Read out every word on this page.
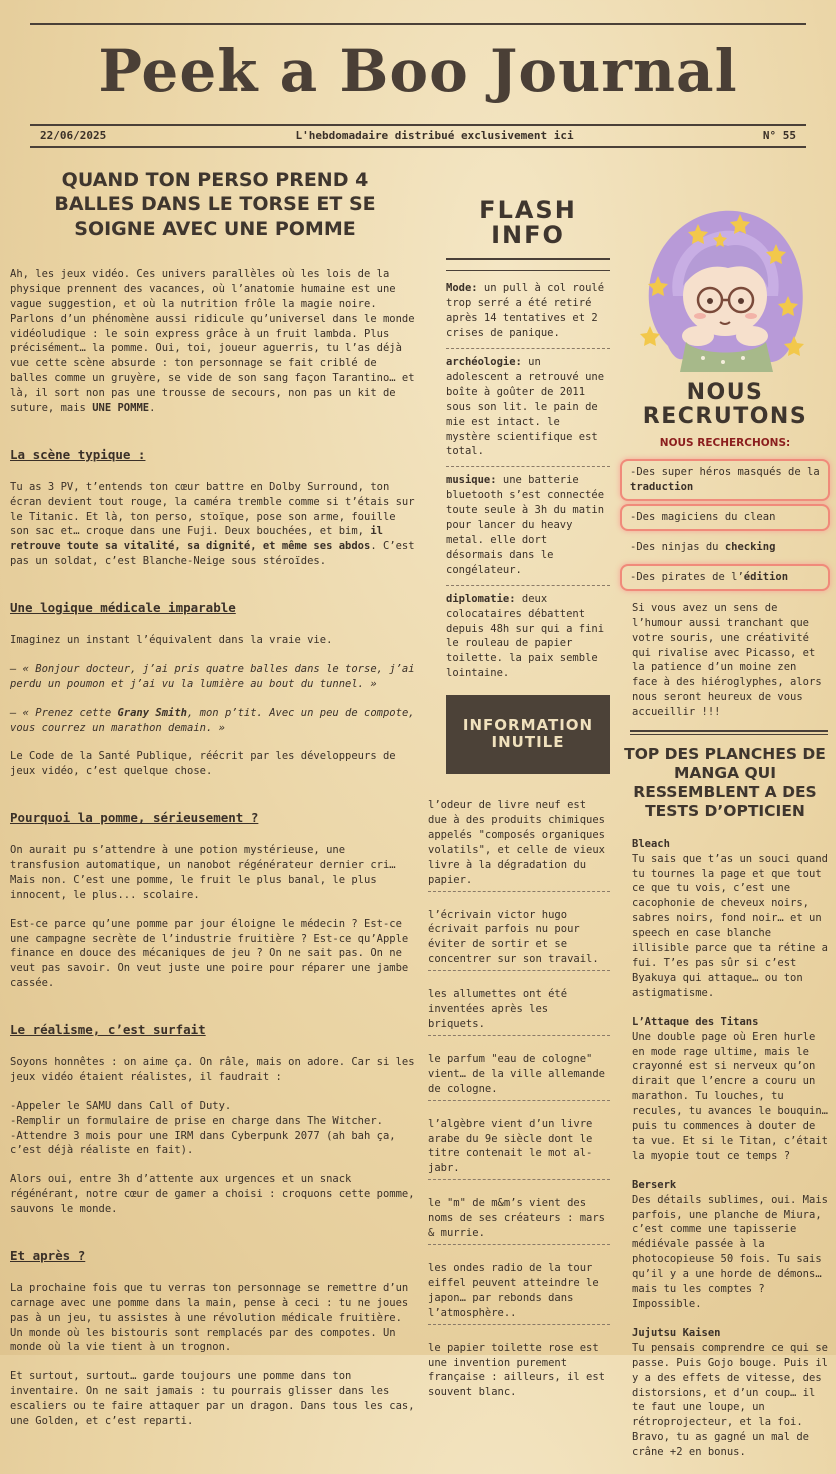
Peek a Boo Journal
22/06/2025	L'hebdomadaire distribué exclusivement ici	N° 55
QUAND TON PERSO PREND 4 BALLES DANS LE TORSE ET SE SOIGNE AVEC UNE POMME

Ah, les jeux vidéo. Ces univers parallèles où les lois de la physique prennent des vacances, où l’anatomie humaine est une vague suggestion, et où la nutrition frôle la magie noire. Parlons d’un phénomène aussi ridicule qu’universel dans le monde vidéoludique : le soin express grâce à un fruit lambda. Plus précisément… la pomme. Oui, toi, joueur aguerris, tu l’as déjà vue cette scène absurde : ton personnage se fait criblé de balles comme un gruyère, se vide de son sang façon Tarantino… et là, il sort non pas une trousse de secours, non pas un kit de suture, mais UNE POMME.

La scène typique :

Tu as 3 PV, t’entends ton cœur battre en Dolby Surround, ton écran devient tout rouge, la caméra tremble comme si t’étais sur le Titanic. Et là, ton perso, stoïque, pose son arme, fouille son sac et… croque dans une Fuji. Deux bouchées, et bim, il retrouve toute sa vitalité, sa dignité, et même ses abdos. C’est pas un soldat, c’est Blanche-Neige sous stéroïdes.

Une logique médicale imparable

Imaginez un instant l’équivalent dans la vraie vie.

— « Bonjour docteur, j’ai pris quatre balles dans le torse, j’ai perdu un poumon et j’ai vu la lumière au bout du tunnel. »

— « Prenez cette Grany Smith, mon p’tit. Avec un peu de compote, vous courrez un marathon demain. »

Le Code de la Santé Publique, réécrit par les développeurs de jeux vidéo, c’est quelque chose.

Pourquoi la pomme, sérieusement ?

On aurait pu s’attendre à une potion mystérieuse, une transfusion automatique, un nanobot régénérateur dernier cri… Mais non. C’est une pomme, le fruit le plus banal, le plus innocent, le plus... scolaire.

Est-ce parce qu’une pomme par jour éloigne le médecin ? Est-ce une campagne secrète de l’industrie fruitière ? Est-ce qu’Apple finance en douce des mécaniques de jeu ? On ne sait pas. On ne veut pas savoir. On veut juste une poire pour réparer une jambe cassée.

Le réalisme, c’est surfait

Soyons honnêtes : on aime ça. On râle, mais on adore. Car si les jeux vidéo étaient réalistes, il faudrait :

-Appeler le SAMU dans Call of Duty.
-Remplir un formulaire de prise en charge dans The Witcher.
-Attendre 3 mois pour une IRM dans Cyberpunk 2077 (ah bah ça, c’est déjà réaliste en fait).

Alors oui, entre 3h d’attente aux urgences et un snack régénérant, notre cœur de gamer a choisi : croquons cette pomme, sauvons le monde.

Et après ?

La prochaine fois que tu verras ton personnage se remettre d’un carnage avec une pomme dans la main, pense à ceci : tu ne joues pas à un jeu, tu assistes à une révolution médicale fruitière. Un monde où les bistouris sont remplacés par des compotes. Un monde où la vie tient à un trognon.

Et surtout, surtout… garde toujours une pomme dans ton inventaire. On ne sait jamais : tu pourrais glisser dans les escaliers ou te faire attaquer par un dragon. Dans tous les cas, une Golden, et c’est reparti.

FLASH
INFO

Mode: un pull à col roulé trop serré a été retiré après 14 tentatives et 2 crises de panique.

archéologie: un adolescent a retrouvé une boîte à goûter de 2011 sous son lit. le pain de mie est intact. le mystère scientifique est total.

musique: une batterie bluetooth s’est connectée toute seule à 3h du matin pour lancer du heavy metal. elle dort désormais dans le congélateur.

diplomatie: deux colocataires débattent depuis 48h sur qui a fini le rouleau de papier toilette. la paix semble lointaine.

INFORMATION
INUTILE

l’odeur de livre neuf est due à des produits chimiques appelés "composés organiques volatils", et celle de vieux livre à la dégradation du papier.

l’écrivain victor hugo écrivait parfois nu pour éviter de sortir et se concentrer sur son travail.

les allumettes ont été inventées après les briquets.

le parfum "eau de cologne" vient… de la ville allemande de cologne.

l’algèbre vient d’un livre arabe du 9e siècle dont le titre contenait le mot al-jabr.

le "m" de m&m’s vient des noms de ses créateurs : mars & murrie.

les ondes radio de la tour eiffel peuvent atteindre le japon… par rebonds dans l’atmosphère..

le papier toilette rose est une invention purement française : ailleurs, il est souvent blanc.

NOUS
RECRUTONS
NOUS RECHERCHONS:
-Des super héros masqués de la traduction
-Des magiciens du clean
-Des ninjas du checking
-Des pirates de l’édition

Si vous avez un sens de l’humour aussi tranchant que votre souris, une créativité qui rivalise avec Picasso, et la patience d’un moine zen face à des hiéroglyphes, alors nous seront heureux de vous accueillir !!!

TOP DES PLANCHES DE MANGA QUI RESSEMBLENT A DES TESTS D’OPTICIEN
Bleach

Tu sais que t’as un souci quand tu tournes la page et que tout ce que tu vois, c’est une cacophonie de cheveux noirs, sabres noirs, fond noir… et un speech en case blanche illisible parce que ta rétine a fui. T’es pas sûr si c’est Byakuya qui attaque… ou ton astigmatisme.

L’Attaque des Titans

Une double page où Eren hurle en mode rage ultime, mais le crayonné est si nerveux qu’on dirait que l’encre a couru un marathon. Tu louches, tu recules, tu avances le bouquin… puis tu commences à douter de ta vue. Et si le Titan, c’était la myopie tout ce temps ?

Berserk

Des détails sublimes, oui. Mais parfois, une planche de Miura, c’est comme une tapisserie médiévale passée à la photocopieuse 50 fois. Tu sais qu’il y a une horde de démons… mais tu les comptes ? Impossible.

Jujutsu Kaisen

Tu pensais comprendre ce qui se passe. Puis Gojo bouge. Puis il y a des effets de vitesse, des distorsions, et d’un coup… il te faut une loupe, un rétroprojecteur, et la foi. Bravo, tu as gagné un mal de crâne +2 en bonus.
